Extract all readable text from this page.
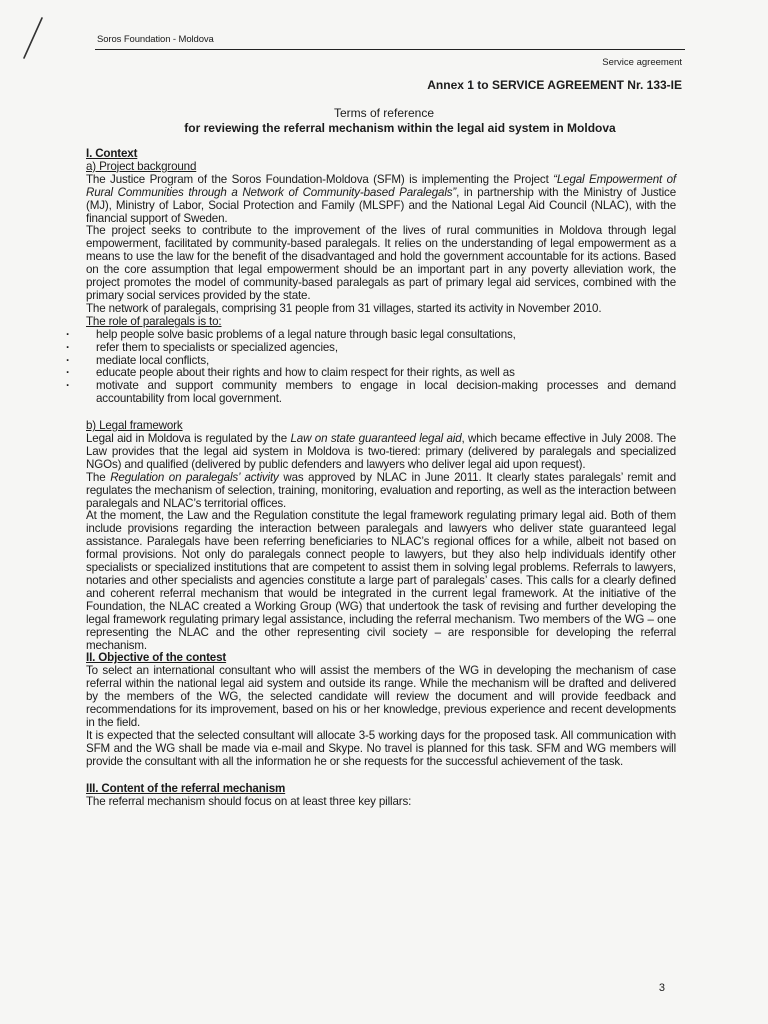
Soros Foundation - Moldova
Service agreement
Annex 1 to SERVICE AGREEMENT Nr. 133-IE
Terms of reference
for reviewing the referral mechanism within the legal aid system in Moldova

I. Context

a) Project background

The Justice Program of the Soros Foundation-Moldova (SFM) is implementing the Project “Legal Empowerment of Rural Communities through a Network of Community-based Paralegals”, in partnership with the Ministry of Justice (MJ), Ministry of Labor, Social Protection and Family (MLSPF) and the National Legal Aid Council (NLAC), with the financial support of Sweden.

The project seeks to contribute to the improvement of the lives of rural communities in Moldova through legal empowerment, facilitated by community-based paralegals. It relies on the understanding of legal empowerment as a means to use the law for the benefit of the disadvantaged and hold the government accountable for its actions. Based on the core assumption that legal empowerment should be an important part in any poverty alleviation work, the project promotes the model of community-based paralegals as part of primary legal aid services, combined with the primary social services provided by the state.

The network of paralegals, comprising 31 people from 31 villages, started its activity in November 2010.

The role of paralegals is to:

· help people solve basic problems of a legal nature through basic legal consultations,
· refer them to specialists or specialized agencies,
· mediate local conflicts,
· educate people about their rights and how to claim respect for their rights, as well as
· motivate and support community members to engage in local decision-making processes and demand accountability from local government.

b) Legal framework

Legal aid in Moldova is regulated by the Law on state guaranteed legal aid, which became effective in July 2008. The Law provides that the legal aid system in Moldova is two-tiered: primary (delivered by paralegals and specialized NGOs) and qualified (delivered by public defenders and lawyers who deliver legal aid upon request).

The Regulation on paralegals’ activity was approved by NLAC in June 2011. It clearly states paralegals’ remit and regulates the mechanism of selection, training, monitoring, evaluation and reporting, as well as the interaction between paralegals and NLAC’s territorial offices.

At the moment, the Law and the Regulation constitute the legal framework regulating primary legal aid. Both of them include provisions regarding the interaction between paralegals and lawyers who deliver state guaranteed legal assistance. Paralegals have been referring beneficiaries to NLAC’s regional offices for a while, albeit not based on formal provisions. Not only do paralegals connect people to lawyers, but they also help individuals identify other specialists or specialized institutions that are competent to assist them in solving legal problems. Referrals to lawyers, notaries and other specialists and agencies constitute a large part of paralegals’ cases. This calls for a clearly defined and coherent referral mechanism that would be integrated in the current legal framework. At the initiative of the Foundation, the NLAC created a Working Group (WG) that undertook the task of revising and further developing the legal framework regulating primary legal assistance, including the referral mechanism. Two members of the WG – one representing the NLAC and the other representing civil society – are responsible for developing the referral mechanism.

II. Objective of the contest

To select an international consultant who will assist the members of the WG in developing the mechanism of case referral within the national legal aid system and outside its range. While the mechanism will be drafted and delivered by the members of the WG, the selected candidate will review the document and will provide feedback and recommendations for its improvement, based on his or her knowledge, previous experience and recent developments in the field.

It is expected that the selected consultant will allocate 3-5 working days for the proposed task. All communication with SFM and the WG shall be made via e-mail and Skype. No travel is planned for this task. SFM and WG members will provide the consultant with all the information he or she requests for the successful achievement of the task.

III. Content of the referral mechanism

The referral mechanism should focus on at least three key pillars:

3
